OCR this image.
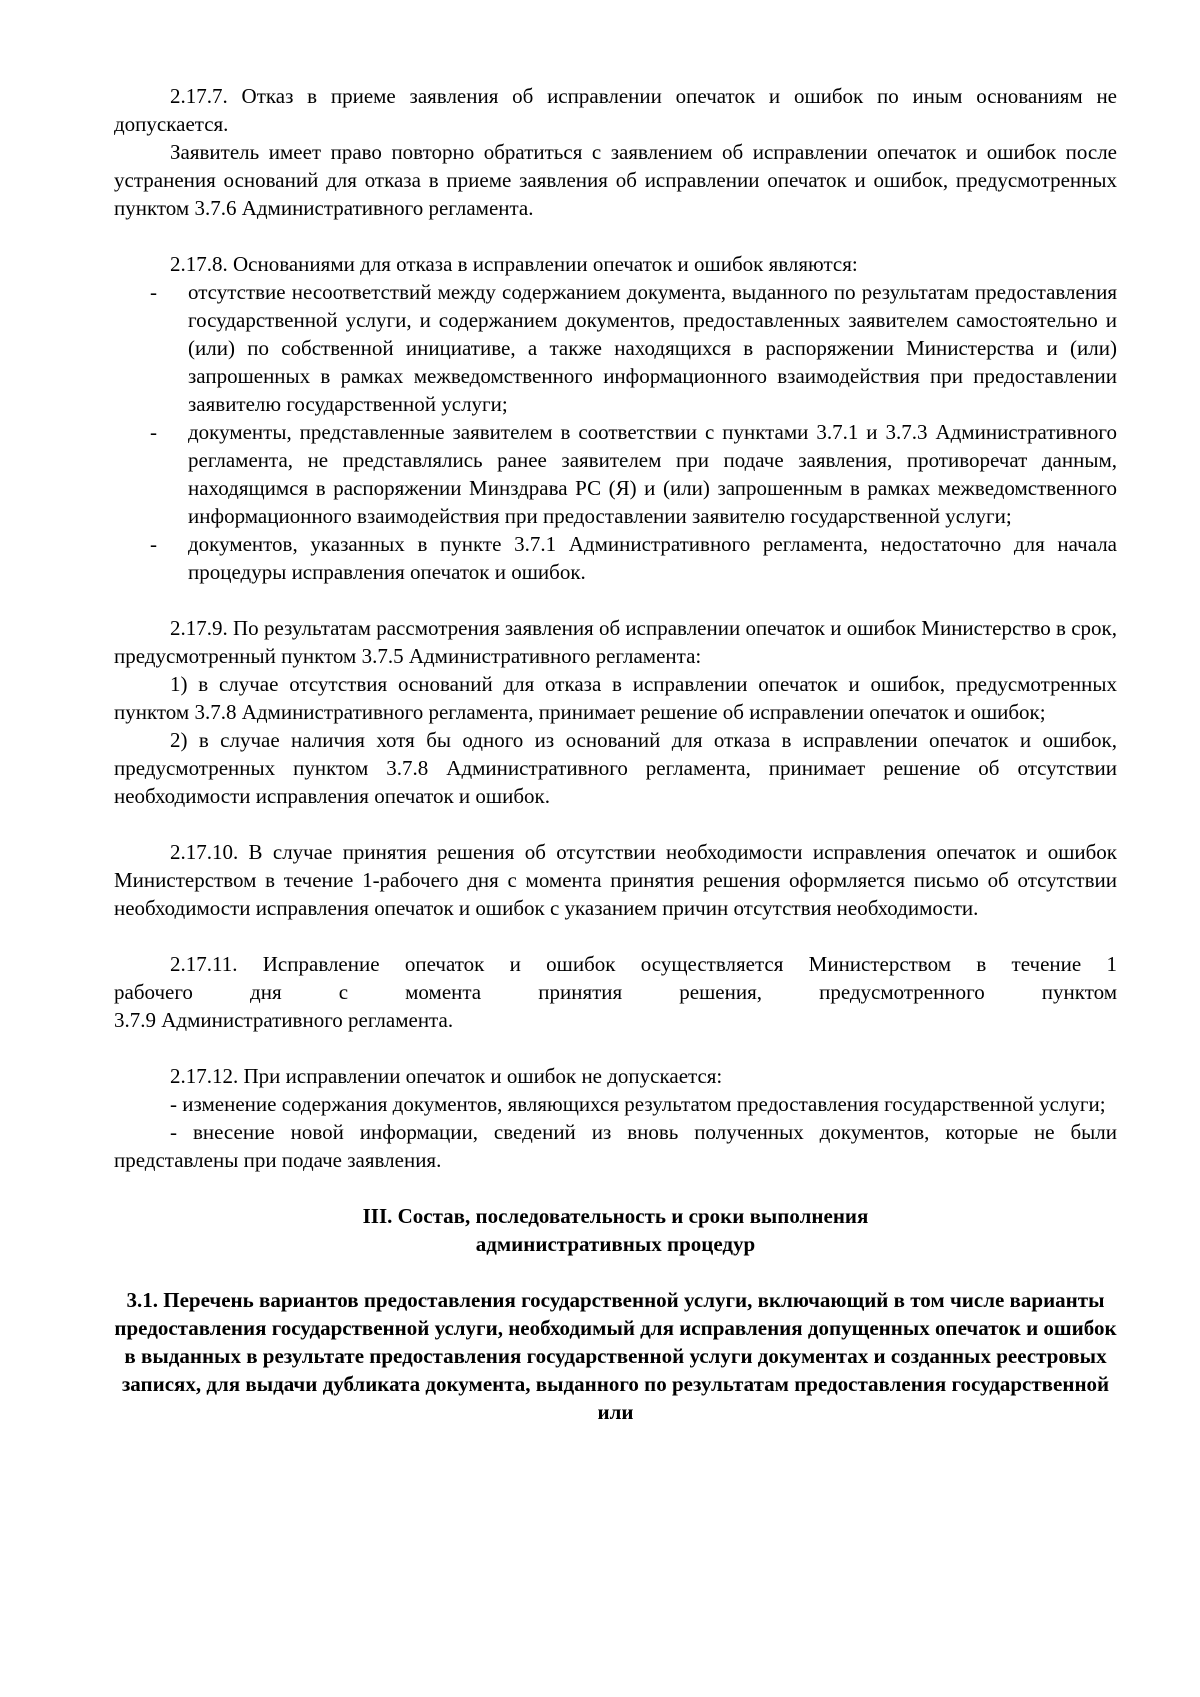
2.17.7. Отказ в приеме заявления об исправлении опечаток и ошибок по иным основаниям не допускается.

Заявитель имеет право повторно обратиться с заявлением об исправлении опечаток и ошибок после устранения оснований для отказа в приеме заявления об исправлении опечаток и ошибок, предусмотренных пунктом 3.7.6 Административного регламента.

2.17.8. Основаниями для отказа в исправлении опечаток и ошибок являются:

- отсутствие несоответствий между содержанием документа, выданного по результатам предоставления государственной услуги, и содержанием документов, предоставленных заявителем самостоятельно и (или) по собственной инициативе, а также находящихся в распоряжении Министерства и (или) запрошенных в рамках межведомственного информационного взаимодействия при предоставлении заявителю государственной услуги;
- документы, представленные заявителем в соответствии с пунктами 3.7.1 и 3.7.3 Административного регламента, не представлялись ранее заявителем при подаче заявления, противоречат данным, находящимся в распоряжении Минздрава РС (Я) и (или) запрошенным в рамках межведомственного информационного взаимодействия при предоставлении заявителю государственной услуги;
- документов, указанных в пункте 3.7.1 Административного регламента, недостаточно для начала процедуры исправления опечаток и ошибок.

2.17.9. По результатам рассмотрения заявления об исправлении опечаток и ошибок Министерство в срок, предусмотренный пунктом 3.7.5 Административного регламента:

1) в случае отсутствия оснований для отказа в исправлении опечаток и ошибок, предусмотренных пунктом 3.7.8 Административного регламента, принимает решение об исправлении опечаток и ошибок;

2) в случае наличия хотя бы одного из оснований для отказа в исправлении опечаток и ошибок, предусмотренных пунктом 3.7.8 Административного регламента, принимает решение об отсутствии необходимости исправления опечаток и ошибок.

2.17.10. В случае принятия решения об отсутствии необходимости исправления опечаток и ошибок Министерством в течение 1-рабочего дня с момента принятия решения оформляется письмо об отсутствии необходимости исправления опечаток и ошибок с указанием причин отсутствия необходимости.

2.17.11. Исправление опечаток и ошибок осуществляется Министерством в течение 1

рабочего дня с момента принятия решения, предусмотренного пунктом

3.7.9 Административного регламента.

2.17.12. При исправлении опечаток и ошибок не допускается:

- изменение содержания документов, являющихся результатом предоставления государственной услуги;

- внесение новой информации, сведений из вновь полученных документов, которые не были представлены при подаче заявления.

III. Состав, последовательность и сроки выполнения административных процедур

3.1. Перечень вариантов предоставления государственной услуги, включающий в том числе варианты предоставления государственной услуги, необходимый для исправления допущенных опечаток и ошибок в выданных в результате предоставления государственной услуги документах и созданных реестровых записях, для выдачи дубликата документа, выданного по результатам предоставления государственной или
